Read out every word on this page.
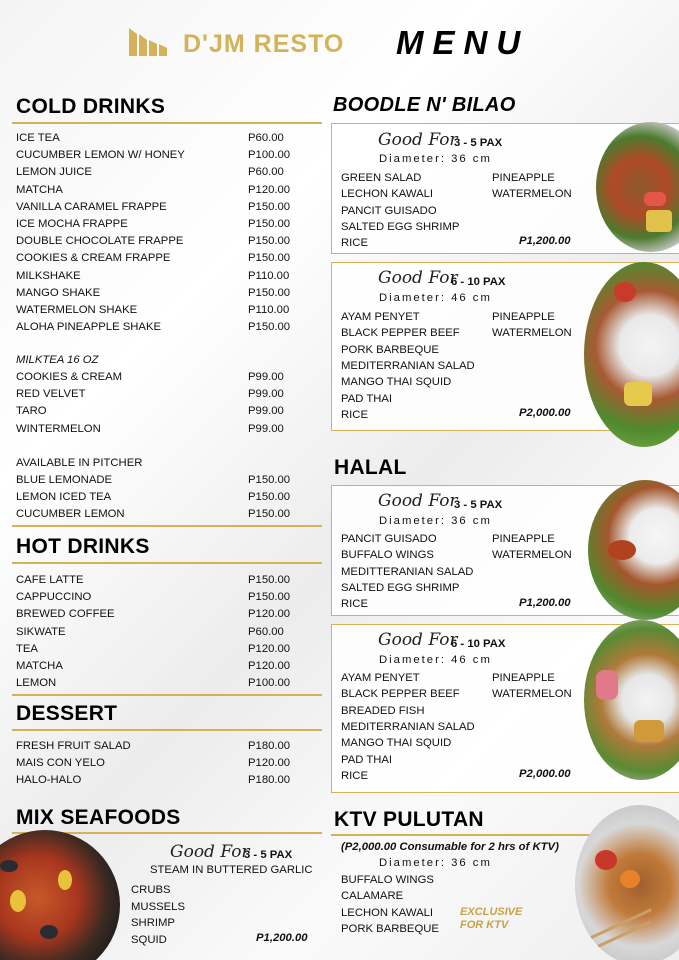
D'JM RESTO MENU
COLD DRINKS
ICE TEA	P60.00
CUCUMBER LEMON W/ HONEY	P100.00
LEMON JUICE	P60.00
MATCHA	P120.00
VANILLA CARAMEL FRAPPE	P150.00
ICE MOCHA FRAPPE	P150.00
DOUBLE CHOCOLATE FRAPPE	P150.00
COOKIES & CREAM FRAPPE	P150.00
MILKSHAKE	P110.00
MANGO SHAKE	P150.00
WATERMELON SHAKE	P110.00
ALOHA PINEAPPLE SHAKE	P150.00
MILKTEA 16 OZ
COOKIES & CREAM	P99.00
RED VELVET	P99.00
TARO	P99.00
WINTERMELON	P99.00
AVAILABLE IN PITCHER
BLUE LEMONADE	P150.00
LEMON ICED TEA	P150.00
CUCUMBER LEMON	P150.00
HOT DRINKS
CAFE LATTE	P150.00
CAPPUCCINO	P150.00
BREWED COFFEE	P120.00
SIKWATE	P60.00
TEA	P120.00
MATCHA	P120.00
LEMON	P100.00
DESSERT
FRESH FRUIT SALAD	P180.00
MAIS CON YELO	P120.00
HALO-HALO	P180.00
MIX SEAFOODS
Good For
3 - 5 PAX
STEAM IN BUTTERED GARLIC
CRUBS
MUSSELS
SHRIMP
SQUID	P1,200.00
BOODLE N' BILAO
Good For
3 - 5 PAX
Diameter: 36 cm
GREEN SALAD
LECHON KAWALI
PANCIT GUISADO
SALTED EGG SHRIMP
RICE
PINEAPPLE
WATERMELON
P1,200.00
Good For
6 - 10 PAX
Diameter: 46 cm
AYAM PENYET
BLACK PEPPER BEEF
PORK BARBEQUE
MEDITERRANIAN SALAD
MANGO THAI SQUID
PAD THAI
RICE
PINEAPPLE
WATERMELON
P2,000.00
HALAL
Good For
3 - 5 PAX
Diameter: 36 cm
PANCIT GUISADO
BUFFALO WINGS
MEDITTERANIAN SALAD
SALTED EGG SHRIMP
RICE
PINEAPPLE
WATERMELON
P1,200.00
Good For
6 - 10 PAX
Diameter: 46 cm
AYAM PENYET
BLACK PEPPER BEEF
BREADED FISH
MEDITERRANIAN SALAD
MANGO THAI SQUID
PAD THAI
RICE
PINEAPPLE
WATERMELON
P2,000.00
KTV PULUTAN
(P2,000.00 Consumable for 2 hrs of KTV)
Diameter: 36 cm
BUFFALO WINGS
CALAMARE
LECHON KAWALI
PORK BARBEQUE
EXCLUSIVE
FOR KTV
